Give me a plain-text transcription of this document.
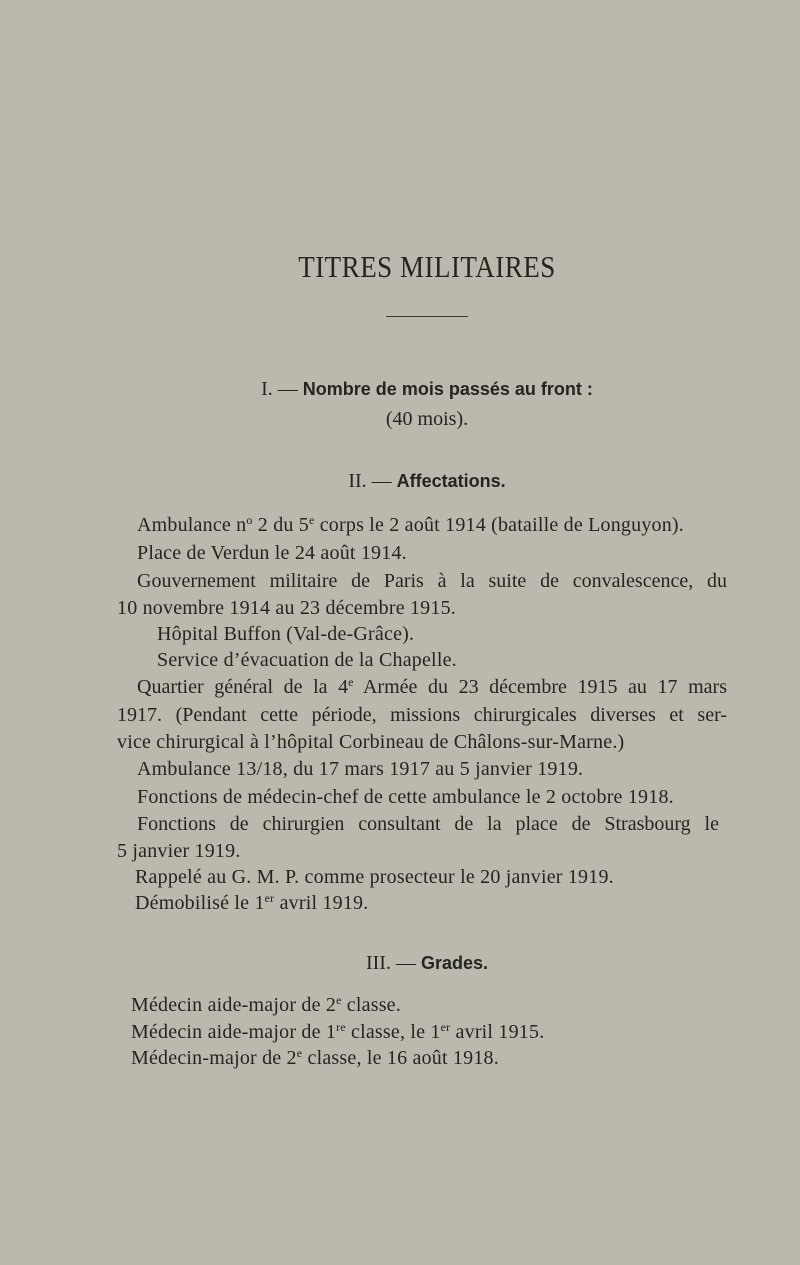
TITRES MILITAIRES
I. — Nombre de mois passés au front :
(40 mois).
II. — Affectations.
Ambulance $n^o$ 2 du 5e corps le 2 août 1914 (bataille de Longuyon).
Place de Verdun le 24 août 1914.
Gouvernement militaire de Paris à la suite de convalescence, du
10 novembre 1914 au 23 décembre 1915.
Hôpital Buffon (Val-de-Grâce).
Service d’évacuation de la Chapelle.
Quartier général de la 4e Armée du 23 décembre 1915 au 17 mars
1917. (Pendant cette période, missions chirurgicales diverses et ser-
vice chirurgical à l’hôpital Corbineau de Châlons-sur-Marne.)
Ambulance 13/18, du 17 mars 1917 au 5 janvier 1919.
Fonctions de médecin-chef de cette ambulance le 2 octobre 1918.
Fonctions de chirurgien consultant de la place de Strasbourg le
5 janvier 1919.
Rappelé au G. M. P. comme prosecteur le 20 janvier 1919.
Démobilisé le 1er avril 1919.
III. — Grades.
Médecin aide-major de 2e classe.
Médecin aide-major de 1re classe, le 1er avril 1915.
Médecin-major de 2e classe, le 16 août 1918.
